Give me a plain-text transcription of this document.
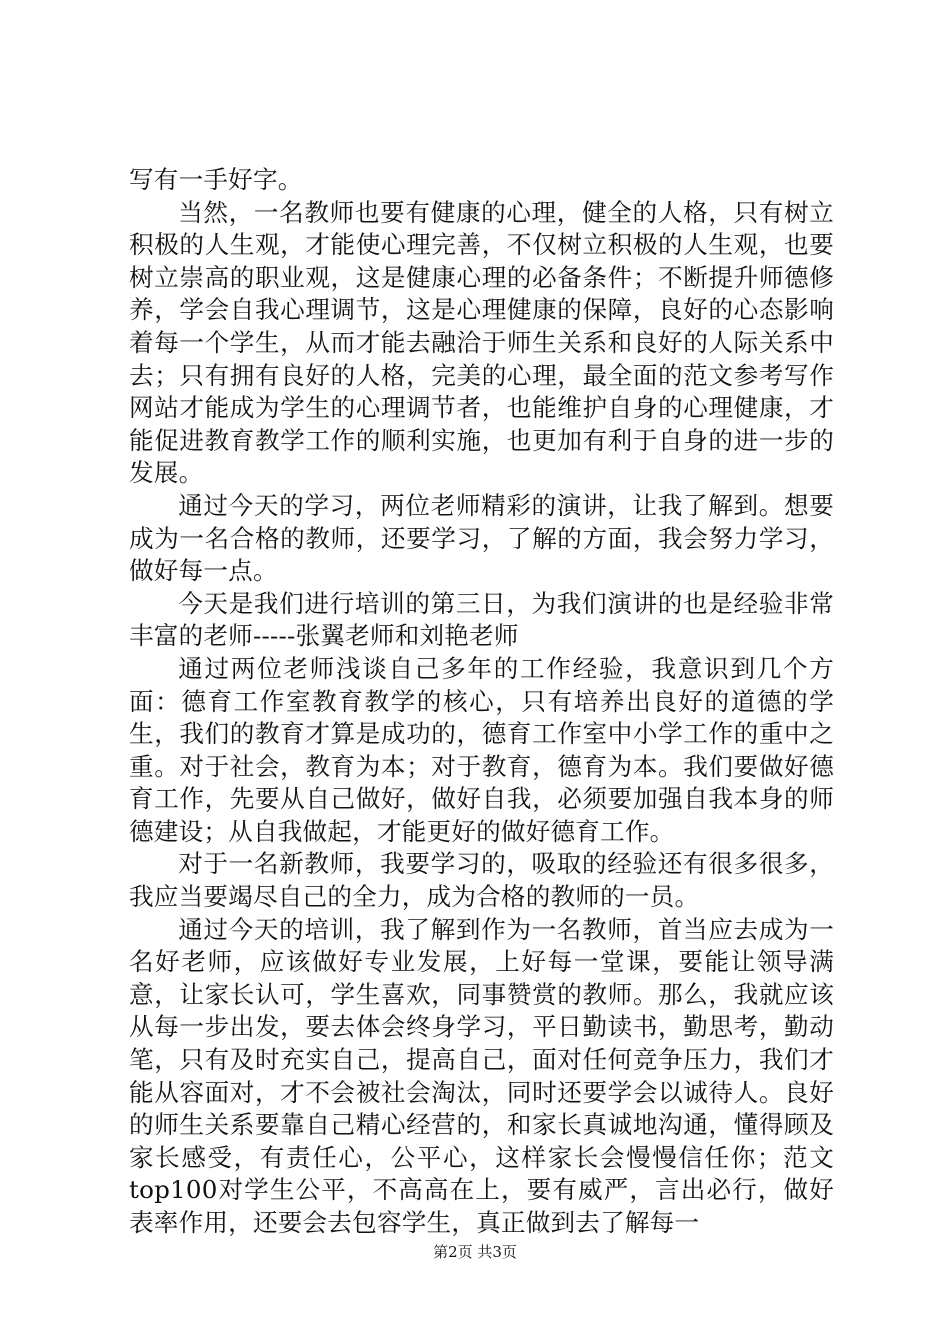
写有一手好字。

当然，一名教师也要有健康的心理，健全的人格，只有树立积极的人生观，才能使心理完善，不仅树立积极的人生观，也要树立崇高的职业观，这是健康心理的必备条件；不断提升师德修养，学会自我心理调节，这是心理健康的保障，良好的心态影响着每一个学生，从而才能去融洽于师生关系和良好的人际关系中去；只有拥有良好的人格，完美的心理，最全面的范文参考写作网站才能成为学生的心理调节者，也能维护自身的心理健康，才能促进教育教学工作的顺利实施，也更加有利于自身的进一步的发展。

通过今天的学习，两位老师精彩的演讲，让我了解到。想要成为一名合格的教师，还要学习，了解的方面，我会努力学习，做好每一点。

今天是我们进行培训的第三日，为我们演讲的也是经验非常丰富的老师-----张翼老师和刘艳老师

通过两位老师浅谈自己多年的工作经验，我意识到几个方面：德育工作室教育教学的核心，只有培养出良好的道德的学生，我们的教育才算是成功的，德育工作室中小学工作的重中之重。对于社会，教育为本；对于教育，德育为本。我们要做好德育工作，先要从自己做好，做好自我，必须要加强自我本身的师德建设；从自我做起，才能更好的做好德育工作。

对于一名新教师，我要学习的，吸取的经验还有很多很多，我应当要竭尽自己的全力，成为合格的教师的一员。

通过今天的培训，我了解到作为一名教师，首当应去成为一名好老师，应该做好专业发展，上好每一堂课，要能让领导满意，让家长认可，学生喜欢，同事赞赏的教师。那么，我就应该从每一步出发，要去体会终身学习，平日勤读书，勤思考，勤动笔，只有及时充实自己，提高自己，面对任何竞争压力，我们才能从容面对，才不会被社会淘汰，同时还要学会以诚待人。良好的师生关系要靠自己精心经营的，和家长真诚地沟通，懂得顾及家长感受，有责任心，公平心，这样家长会慢慢信任你；范文top100对学生公平，不高高在上，要有威严，言出必行，做好表率作用，还要会去包容学生，真正做到去了解每一

第2页 共3页
